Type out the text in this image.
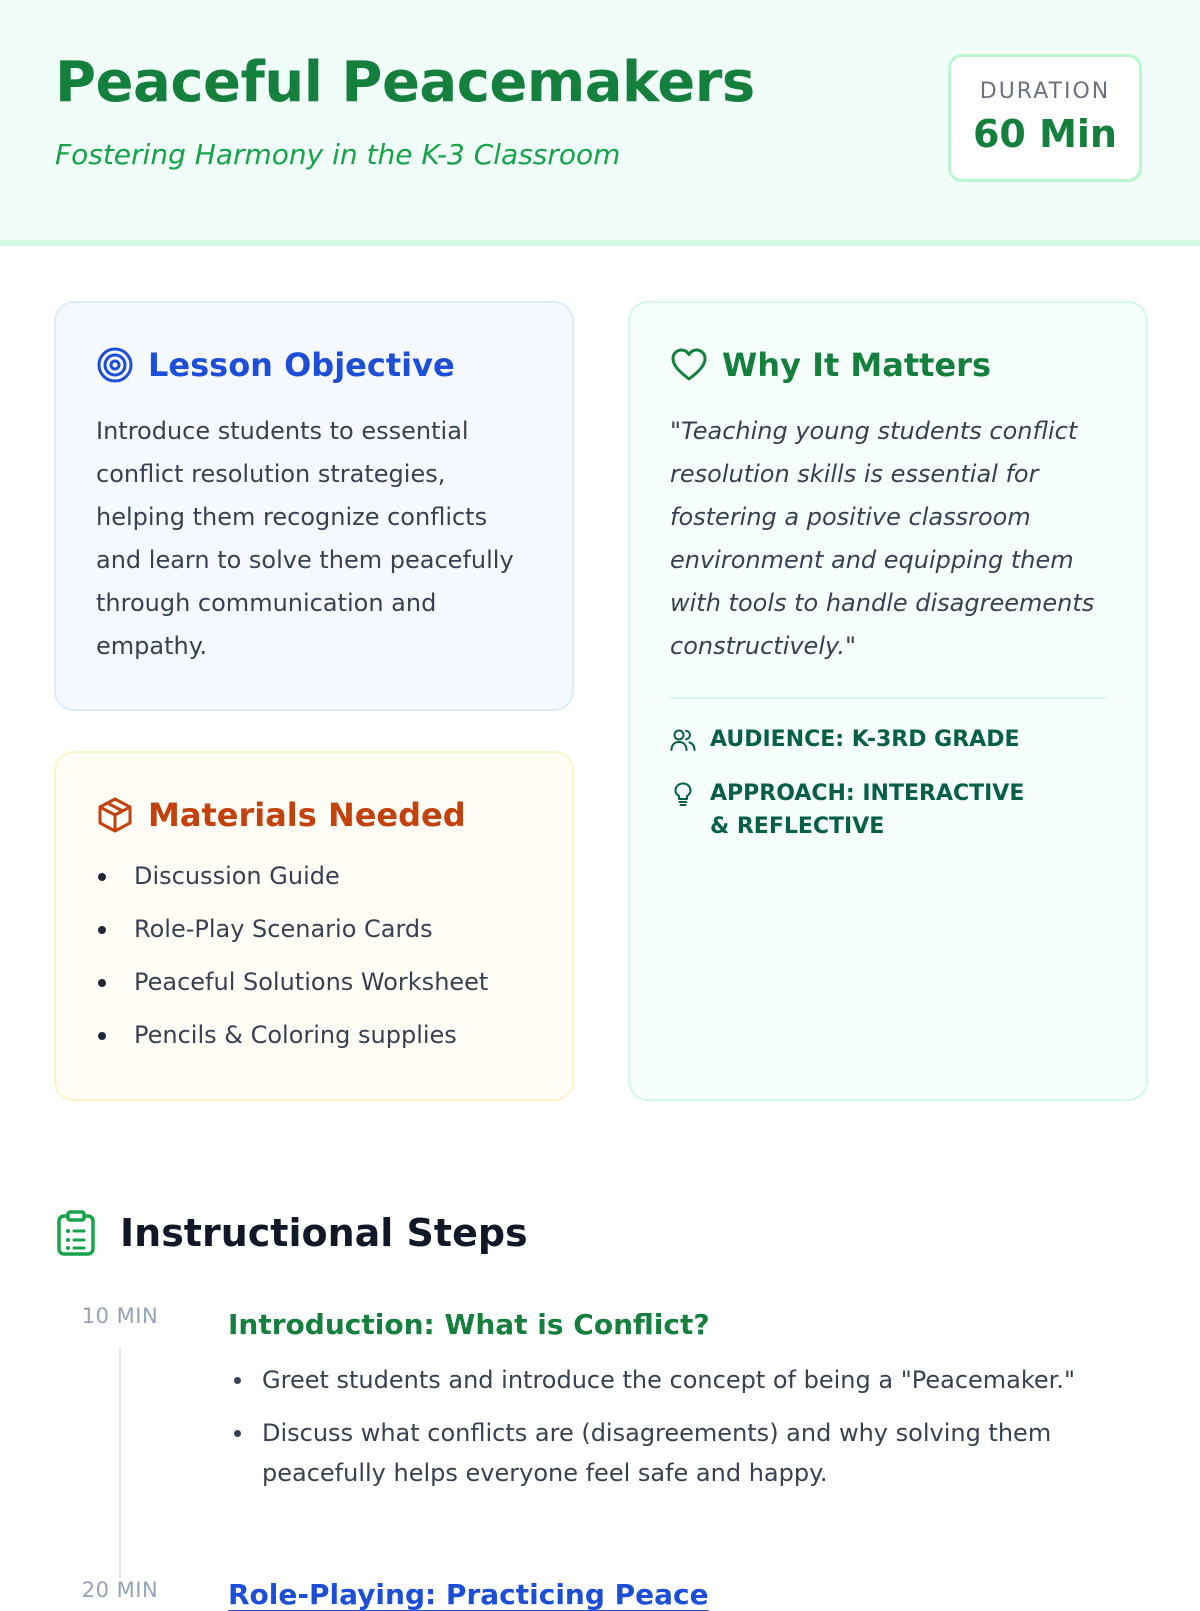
Peaceful Peacemakers

Fostering Harmony in the K-3 Classroom

DURATION
60 Min
Lesson Objective

Introduce students to essential conflict resolution strategies, helping them recognize conflicts and learn to solve them peacefully through communication and empathy.

Materials Needed
Discussion Guide
Role-Play Scenario Cards
Peaceful Solutions Worksheet
Pencils & Coloring supplies
Why It Matters

"Teaching young students conflict resolution skills is essential for fostering a positive classroom environment and equipping them with tools to handle disagreements constructively."

AUDIENCE: K-3RD GRADE
APPROACH: INTERACTIVE & REFLECTIVE
Instructional Steps
10 MIN	Introduction: What is Conflict?
Greet students and introduce the concept of being a "Peacemaker."
Discuss what conflicts are (disagreements) and why solving them peacefully helps everyone feel safe and happy.
20 MIN	Role-Playing: Practicing Peace
